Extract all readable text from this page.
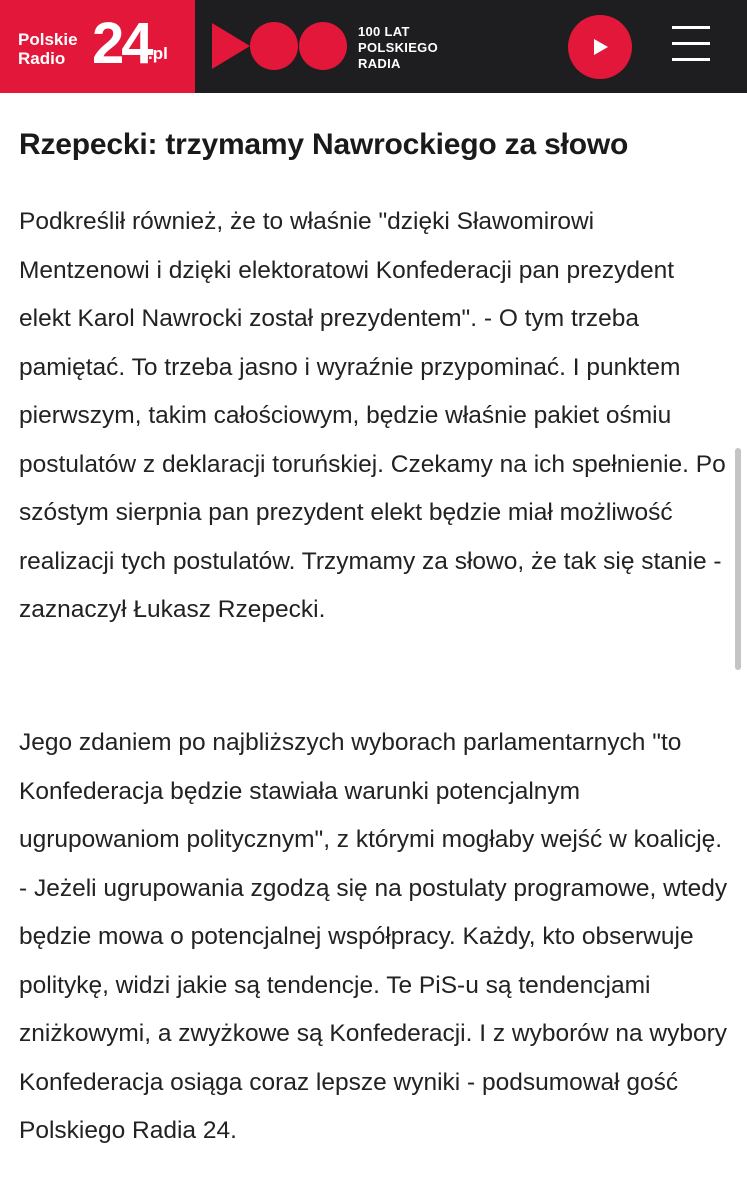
Polskie
Radio 24
.pl
100 LAT
POLSKIEGO
RADIA
Rzepecki: trzymamy Nawrockiego za słowo

Podkreślił również, że to właśnie "dzięki Sławomirowi Mentzenowi i dzięki elektoratowi Konfederacji pan prezydent elekt Karol Nawrocki został prezydentem". - O tym trzeba pamiętać. To trzeba jasno i wyraźnie przypominać. I punktem pierwszym, takim całościowym, będzie właśnie pakiet ośmiu postulatów z deklaracji toruńskiej. Czekamy na ich spełnienie. Po szóstym sierpnia pan prezydent elekt będzie miał możliwość realizacji tych postulatów. Trzymamy za słowo, że tak się stanie - zaznaczył Łukasz Rzepecki.

Jego zdaniem po najbliższych wyborach parlamentarnych "to Konfederacja będzie stawiała warunki potencjalnym ugrupowaniom politycznym", z którymi mogłaby wejść w koalicję. - Jeżeli ugrupowania zgodzą się na postulaty programowe, wtedy będzie mowa o potencjalnej współpracy. Każdy, kto obserwuje politykę, widzi jakie są tendencje. Te PiS-u są tendencjami zniżkowymi, a zwyżkowe są Konfederacji. I z wyborów na wybory Konfederacja osiąga coraz lepsze wyniki - podsumował gość Polskiego Radia 24.
